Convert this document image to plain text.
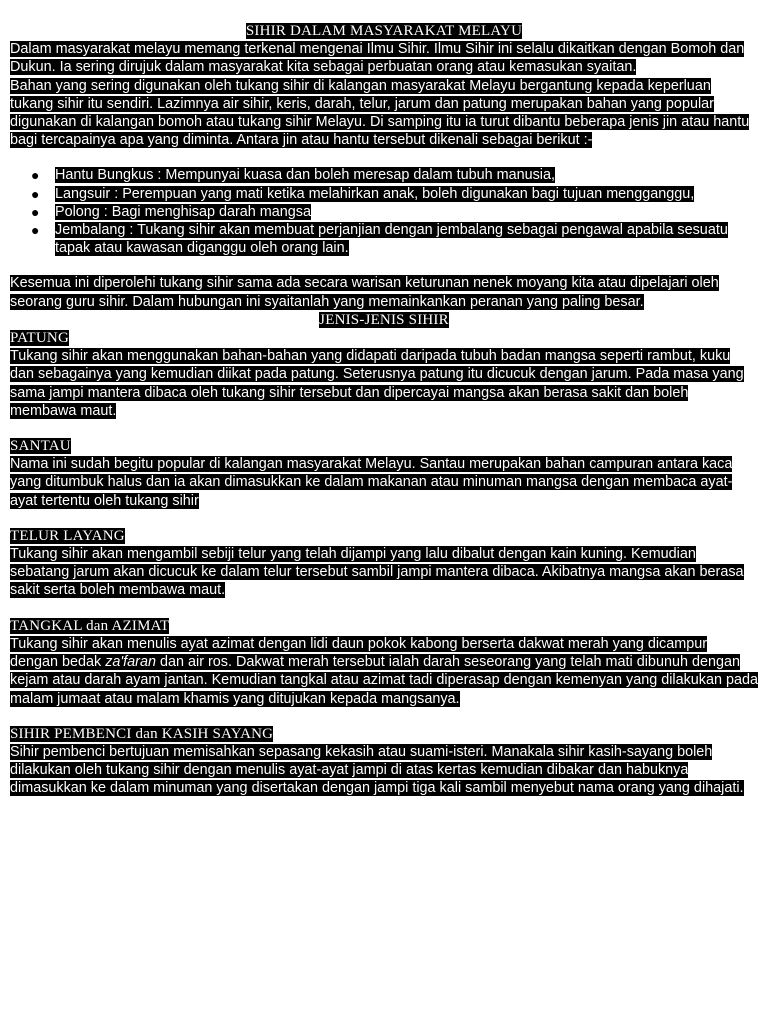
SIHIR DALAM MASYARAKAT MELAYU

Dalam masyarakat melayu memang terkenal mengenai Ilmu Sihir. Ilmu Sihir ini selalu dikaitkan dengan Bomoh dan Dukun. Ia sering dirujuk dalam masyarakat kita sebagai perbuatan orang atau kemasukan syaitan.

Bahan yang sering digunakan oleh tukang sihir di kalangan masyarakat Melayu bergantung kepada keperluan tukang sihir itu sendiri. Lazimnya air sihir, keris, darah, telur, jarum dan patung merupakan bahan yang popular digunakan di kalangan bomoh atau tukang sihir Melayu. Di samping itu ia turut dibantu beberapa jenis jin atau hantu bagi tercapainya apa yang diminta. Antara jin atau hantu tersebut dikenali sebagai berikut :-

● Hantu Bungkus : Mempunyai kuasa dan boleh meresap dalam tubuh manusia,
● Langsuir : Perempuan yang mati ketika melahirkan anak, boleh digunakan bagi tujuan mengganggu,
● Polong : Bagi menghisap darah mangsa
● Jembalang : Tukang sihir akan membuat perjanjian dengan jembalang sebagai pengawal apabila sesuatu tapak atau kawasan diganggu oleh orang lain.

Kesemua ini diperolehi tukang sihir sama ada secara warisan keturunan nenek moyang kita atau dipelajari oleh seorang guru sihir. Dalam hubungan ini syaitanlah yang memainkankan peranan yang paling besar.

JENIS-JENIS SIHIR

PATUNG

Tukang sihir akan menggunakan bahan-bahan yang didapati daripada tubuh badan mangsa seperti rambut, kuku dan sebagainya yang kemudian diikat pada patung. Seterusnya patung itu dicucuk dengan jarum. Pada masa yang sama jampi mantera dibaca oleh tukang sihir tersebut dan dipercayai mangsa akan berasa sakit dan boleh membawa maut.

SANTAU

Nama ini sudah begitu popular di kalangan masyarakat Melayu. Santau merupakan bahan campuran antara kaca yang ditumbuk halus dan ia akan dimasukkan ke dalam makanan atau minuman mangsa dengan membaca ayat-ayat tertentu oleh tukang sihir

TELUR LAYANG

Tukang sihir akan mengambil sebiji telur yang telah dijampi yang lalu dibalut dengan kain kuning. Kemudian sebatang jarum akan dicucuk ke dalam telur tersebut sambil jampi mantera dibaca. Akibatnya mangsa akan berasa sakit serta boleh membawa maut.

TANGKAL dan AZIMAT

Tukang sihir akan menulis ayat azimat dengan lidi daun pokok kabong berserta dakwat merah yang dicampur dengan bedak za'faran dan air ros. Dakwat merah tersebut ialah darah seseorang yang telah mati dibunuh dengan kejam atau darah ayam jantan. Kemudian tangkal atau azimat tadi diperasap dengan kemenyan yang dilakukan pada malam jumaat atau malam khamis yang ditujukan kepada mangsanya.

SIHIR PEMBENCI dan KASIH SAYANG

Sihir pembenci bertujuan memisahkan sepasang kekasih atau suami-isteri. Manakala sihir kasih-sayang boleh dilakukan oleh tukang sihir dengan menulis ayat-ayat jampi di atas kertas kemudian dibakar dan habuknya dimasukkan ke dalam minuman yang disertakan dengan jampi tiga kali sambil menyebut nama orang yang dihajati.
